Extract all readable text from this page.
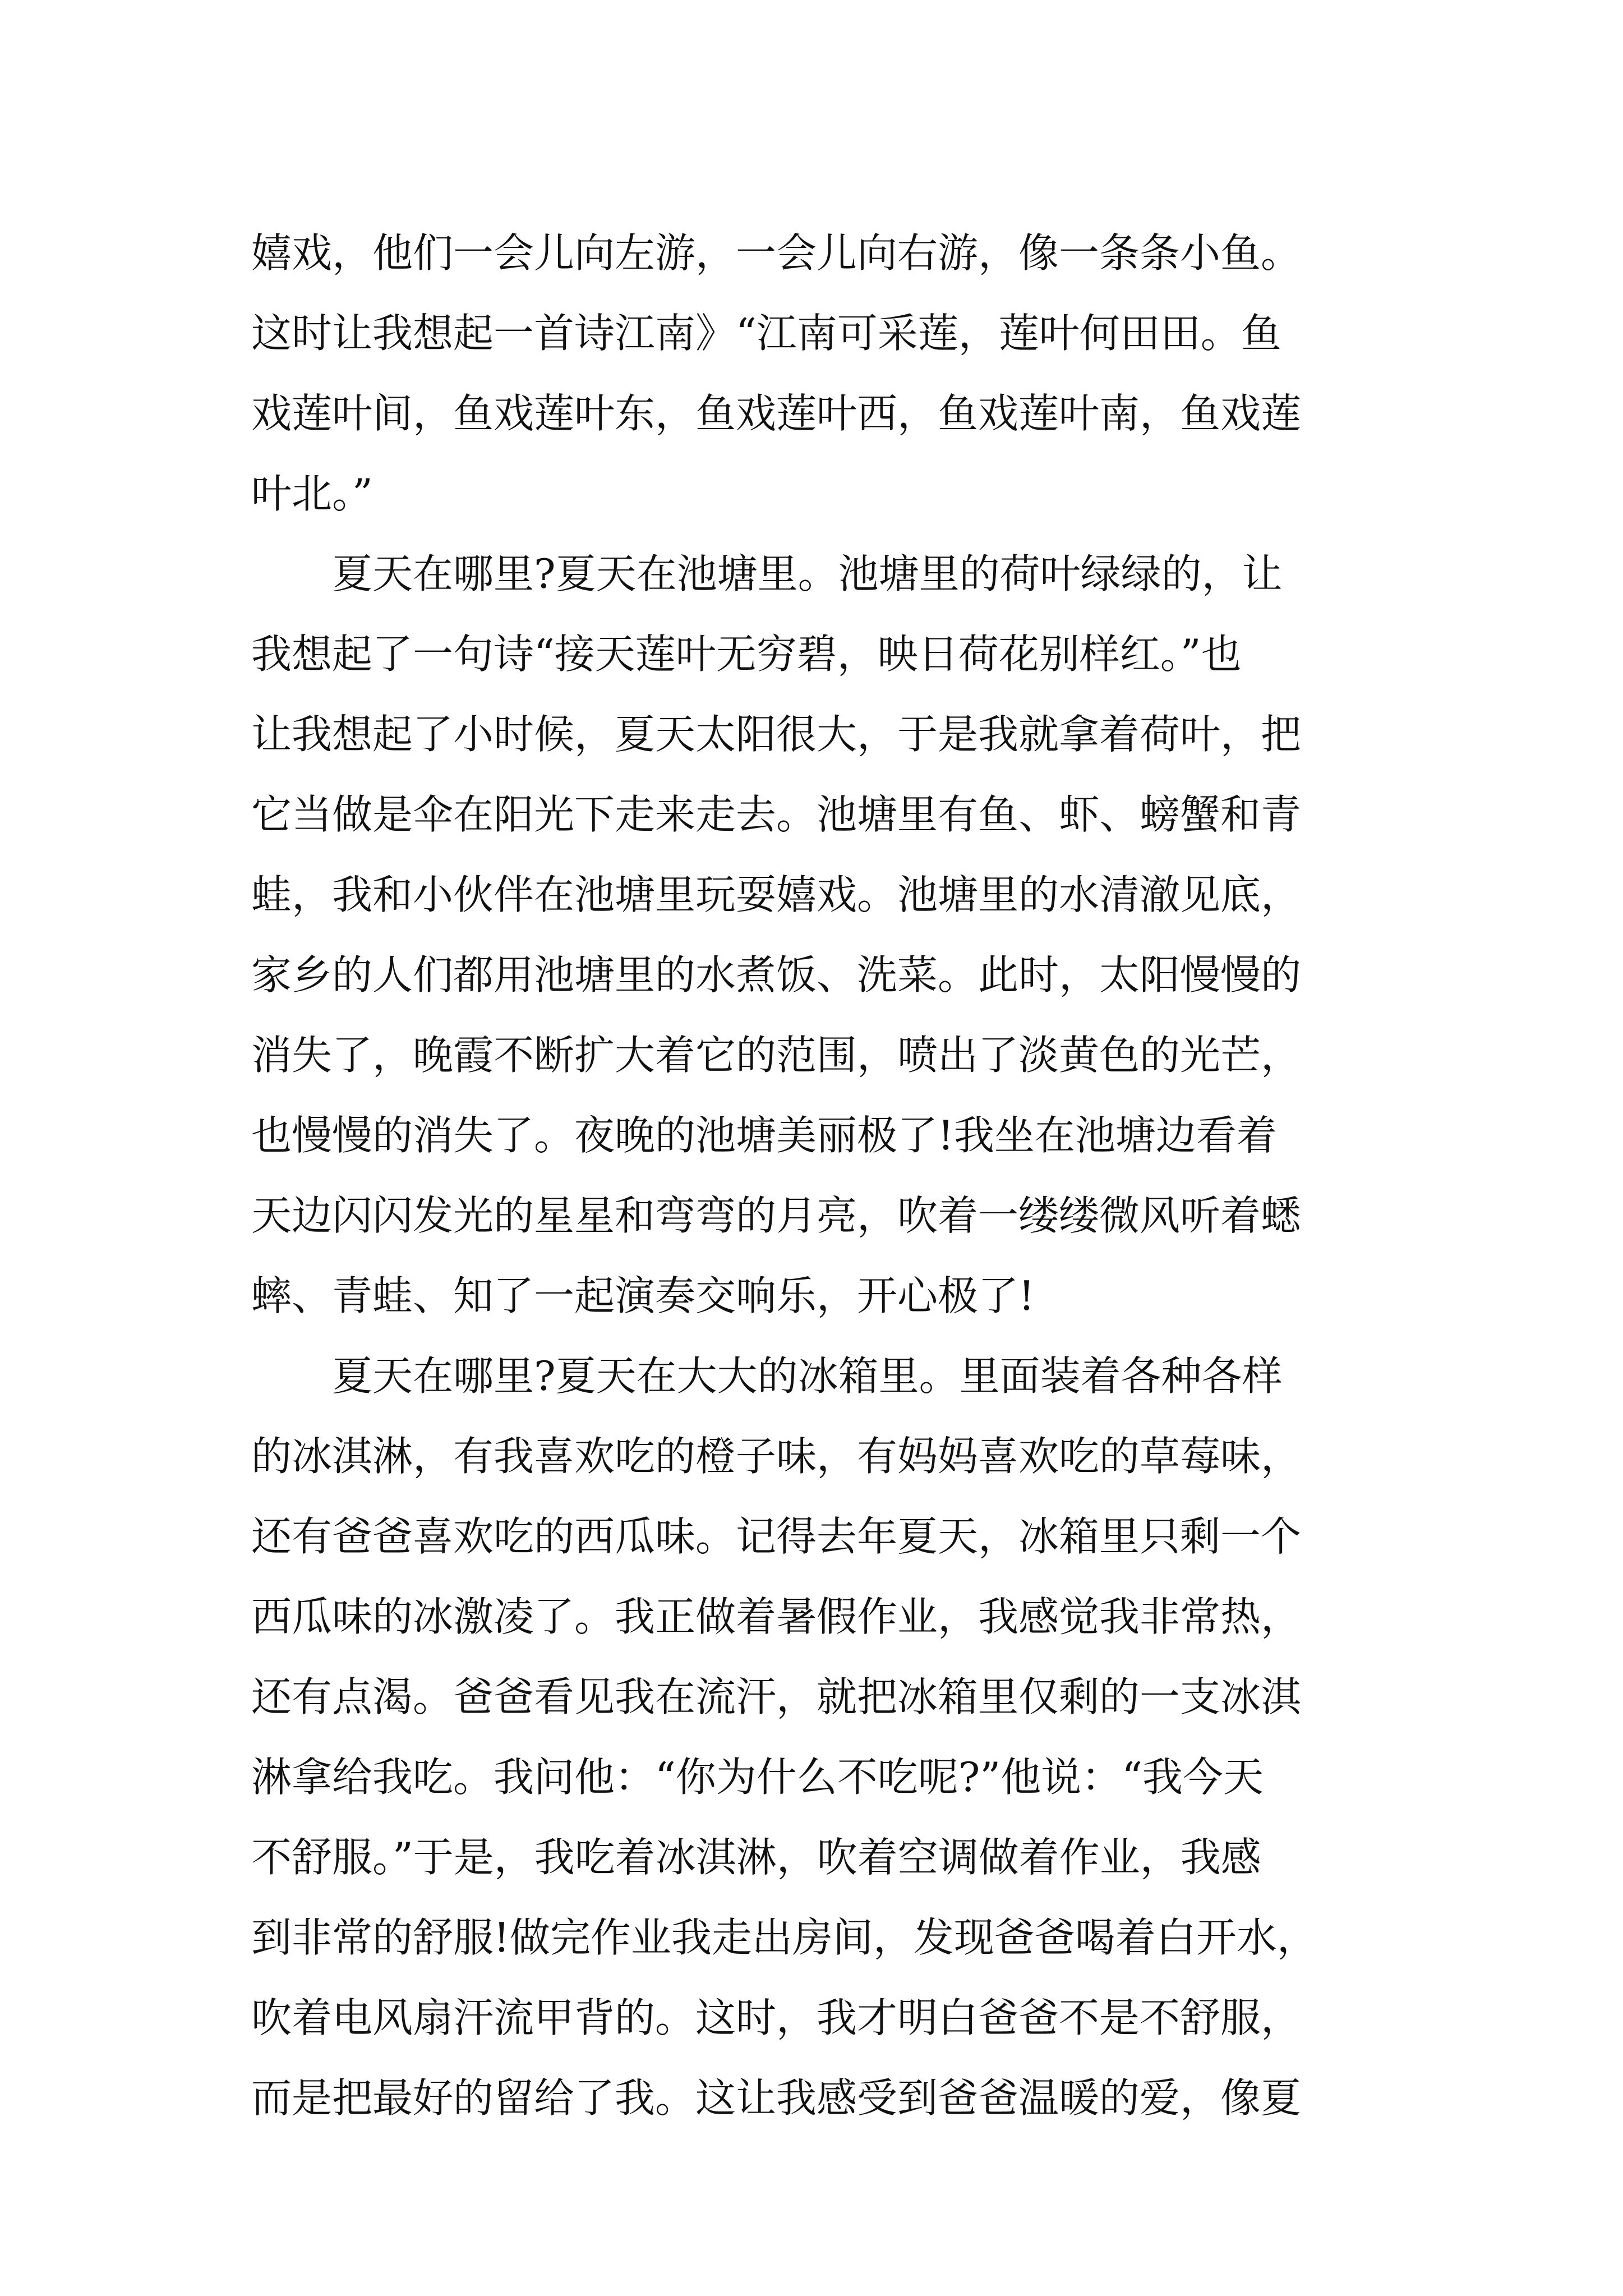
嬉戏，他们一会儿向左游，一会儿向右游，像一条条小鱼。
这时让我想起一首诗江南》“江南可采莲，莲叶何田田。鱼
戏莲叶间，鱼戏莲叶东，鱼戏莲叶西，鱼戏莲叶南，鱼戏莲
叶北。”

夏天在哪里?夏天在池塘里。池塘里的荷叶绿绿的，让
我想起了一句诗“接天莲叶无穷碧，映日荷花别样红。”也
让我想起了小时候，夏天太阳很大，于是我就拿着荷叶，把
它当做是伞在阳光下走来走去。池塘里有鱼、虾、螃蟹和青
蛙，我和小伙伴在池塘里玩耍嬉戏。池塘里的水清澈见底，
家乡的人们都用池塘里的水煮饭、洗菜。此时，太阳慢慢的
消失了，晚霞不断扩大着它的范围，喷出了淡黄色的光芒，
也慢慢的消失了。夜晚的池塘美丽极了!我坐在池塘边看着
天边闪闪发光的星星和弯弯的月亮，吹着一缕缕微风听着蟋
蟀、青蛙、知了一起演奏交响乐，开心极了!

夏天在哪里?夏天在大大的冰箱里。里面装着各种各样
的冰淇淋，有我喜欢吃的橙子味，有妈妈喜欢吃的草莓味，
还有爸爸喜欢吃的西瓜味。记得去年夏天，冰箱里只剩一个
西瓜味的冰激凌了。我正做着暑假作业，我感觉我非常热，
还有点渴。爸爸看见我在流汗，就把冰箱里仅剩的一支冰淇
淋拿给我吃。我问他：“你为什么不吃呢?”他说：“我今天
不舒服。”于是，我吃着冰淇淋，吹着空调做着作业，我感
到非常的舒服!做完作业我走出房间，发现爸爸喝着白开水，
吹着电风扇汗流甲背的。这时，我才明白爸爸不是不舒服，
而是把最好的留给了我。这让我感受到爸爸温暖的爱，像夏
